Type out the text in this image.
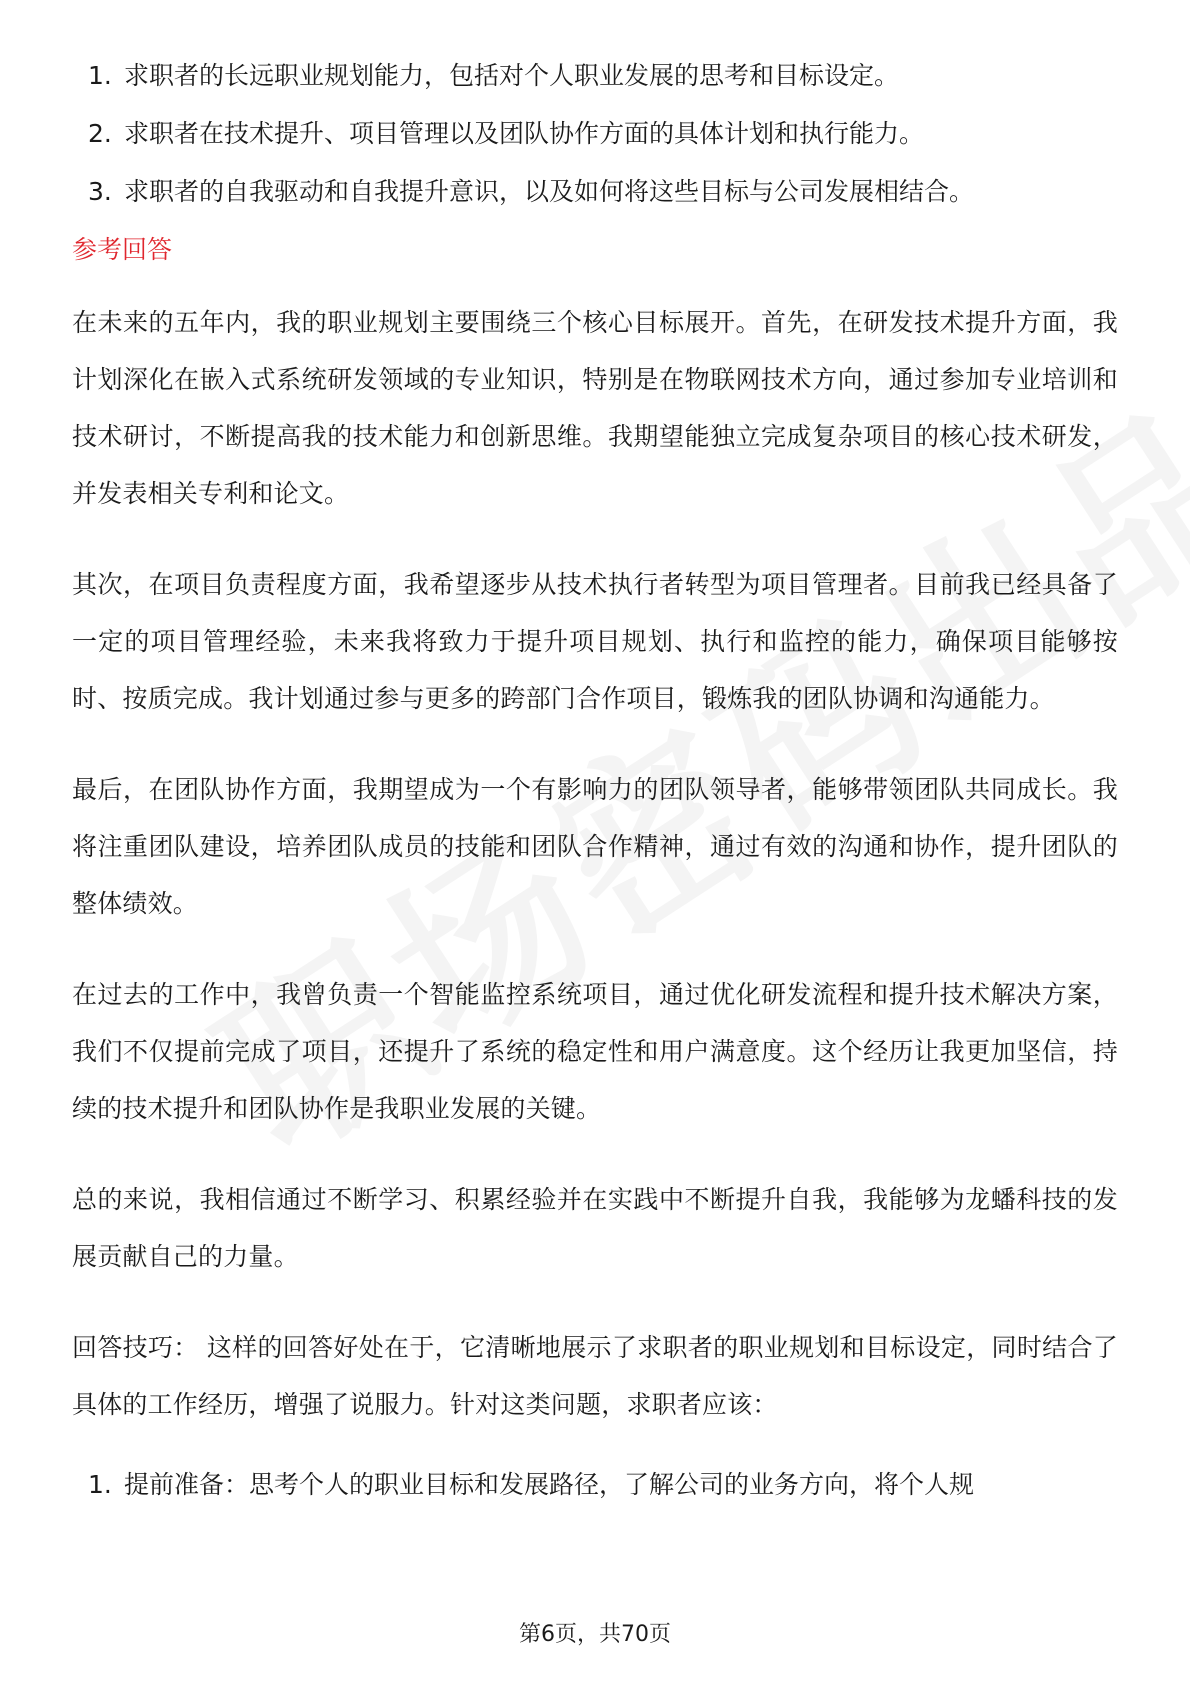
1. 求职者的长远职业规划能力，包括对个人职业发展的思考和目标设定。
2. 求职者在技术提升、项目管理以及团队协作方面的具体计划和执行能力。
3. 求职者的自我驱动和自我提升意识，以及如何将这些目标与公司发展相结合。
参考回答

在未来的五年内，我的职业规划主要围绕三个核心目标展开。首先，在研发技术提升方面，我计划深化在嵌入式系统研发领域的专业知识，特别是在物联网技术方向，通过参加专业培训和技术研讨，不断提高我的技术能力和创新思维。我期望能独立完成复杂项目的核心技术研发，并发表相关专利和论文。

其次，在项目负责程度方面，我希望逐步从技术执行者转型为项目管理者。目前我已经具备了一定的项目管理经验，未来我将致力于提升项目规划、执行和监控的能力，确保项目能够按时、按质完成。我计划通过参与更多的跨部门合作项目，锻炼我的团队协调和沟通能力。

最后，在团队协作方面，我期望成为一个有影响力的团队领导者，能够带领团队共同成长。我将注重团队建设，培养团队成员的技能和团队合作精神，通过有效的沟通和协作，提升团队的整体绩效。

在过去的工作中，我曾负责一个智能监控系统项目，通过优化研发流程和提升技术解决方案，我们不仅提前完成了项目，还提升了系统的稳定性和用户满意度。这个经历让我更加坚信，持续的技术提升和团队协作是我职业发展的关键。

总的来说，我相信通过不断学习、积累经验并在实践中不断提升自我，我能够为龙蟠科技的发展贡献自己的力量。

回答技巧： 这样的回答好处在于，它清晰地展示了求职者的职业规划和目标设定，同时结合了具体的工作经历，增强了说服力。针对这类问题，求职者应该：

1. 提前准备：思考个人的职业目标和发展路径，了解公司的业务方向，将个人规
第6页，共70页
